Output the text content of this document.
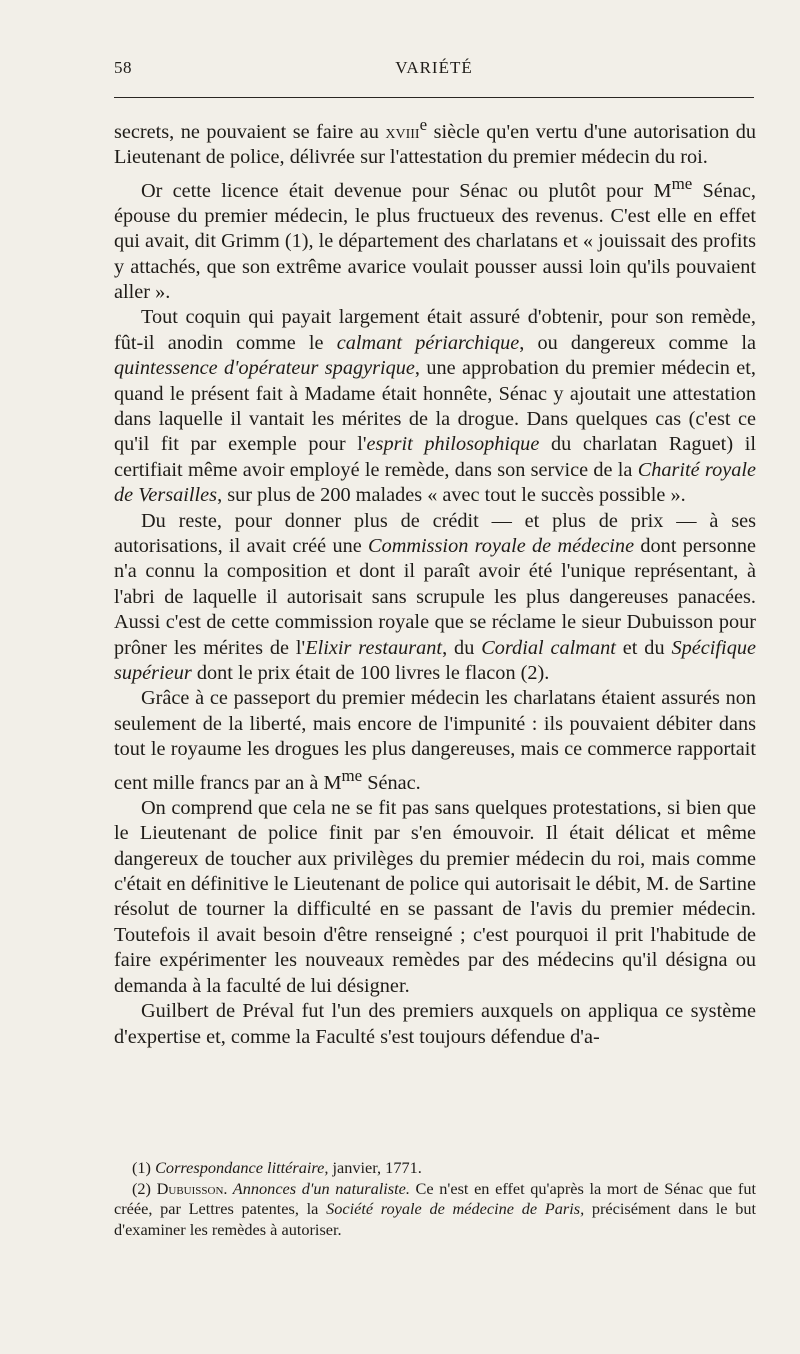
58	VARIÉTÉ

secrets, ne pouvaient se faire au xviii$^e$ siècle qu'en vertu d'une autorisation du Lieutenant de police, délivrée sur l'attestation du premier médecin du roi.

Or cette licence était devenue pour Sénac ou plutôt pour $M^{me}$ Sénac, épouse du premier médecin, le plus fructueux des revenus. C'est elle en effet qui avait, dit Grimm (1), le département des charlatans et « jouissait des profits y attachés, que son extrême avarice voulait pousser aussi loin qu'ils pouvaient aller ».

Tout coquin qui payait largement était assuré d'obtenir, pour son remède, fût-il anodin comme le calmant périarchique, ou dangereux comme la quintessence d'opérateur spagyrique, une approbation du premier médecin et, quand le présent fait à Madame était honnête, Sénac y ajoutait une attestation dans laquelle il vantait les mérites de la drogue. Dans quelques cas (c'est ce qu'il fit par exemple pour l'esprit philosophique du charlatan Raguet) il certifiait même avoir employé le remède, dans son service de la Charité royale de Versailles, sur plus de 200 malades « avec tout le succès possible ».

Du reste, pour donner plus de crédit — et plus de prix — à ses autorisations, il avait créé une Commission royale de médecine dont personne n'a connu la composition et dont il paraît avoir été l'unique représentant, à l'abri de laquelle il autorisait sans scrupule les plus dangereuses panacées. Aussi c'est de cette commission royale que se réclame le sieur Dubuisson pour prôner les mérites de l'Elixir restaurant, du Cordial calmant et du Spécifique supérieur dont le prix était de 100 livres le flacon (2).

Grâce à ce passeport du premier médecin les charlatans étaient assurés non seulement de la liberté, mais encore de l'impunité : ils pouvaient débiter dans tout le royaume les drogues les plus dangereuses, mais ce commerce rapportait cent mille francs par an à $M^{me}$ Sénac.

On comprend que cela ne se fit pas sans quelques protestations, si bien que le Lieutenant de police finit par s'en émouvoir. Il était délicat et même dangereux de toucher aux privilèges du premier médecin du roi, mais comme c'était en définitive le Lieutenant de police qui autorisait le débit, M. de Sartine résolut de tourner la difficulté en se passant de l'avis du premier médecin. Toutefois il avait besoin d'être renseigné ; c'est pourquoi il prit l'habitude de faire expérimenter les nouveaux remèdes par des médecins qu'il désigna ou demanda à la faculté de lui désigner.

Guilbert de Préval fut l'un des premiers auxquels on appliqua ce système d'expertise et, comme la Faculté s'est toujours défendue d'a-

(1) Correspondance littéraire, janvier, 1771.

(2) Dubuisson. Annonces d'un naturaliste. Ce n'est en effet qu'après la mort de Sénac que fut créée, par Lettres patentes, la Société royale de médecine de Paris, précisément dans le but d'examiner les remèdes à autoriser.
